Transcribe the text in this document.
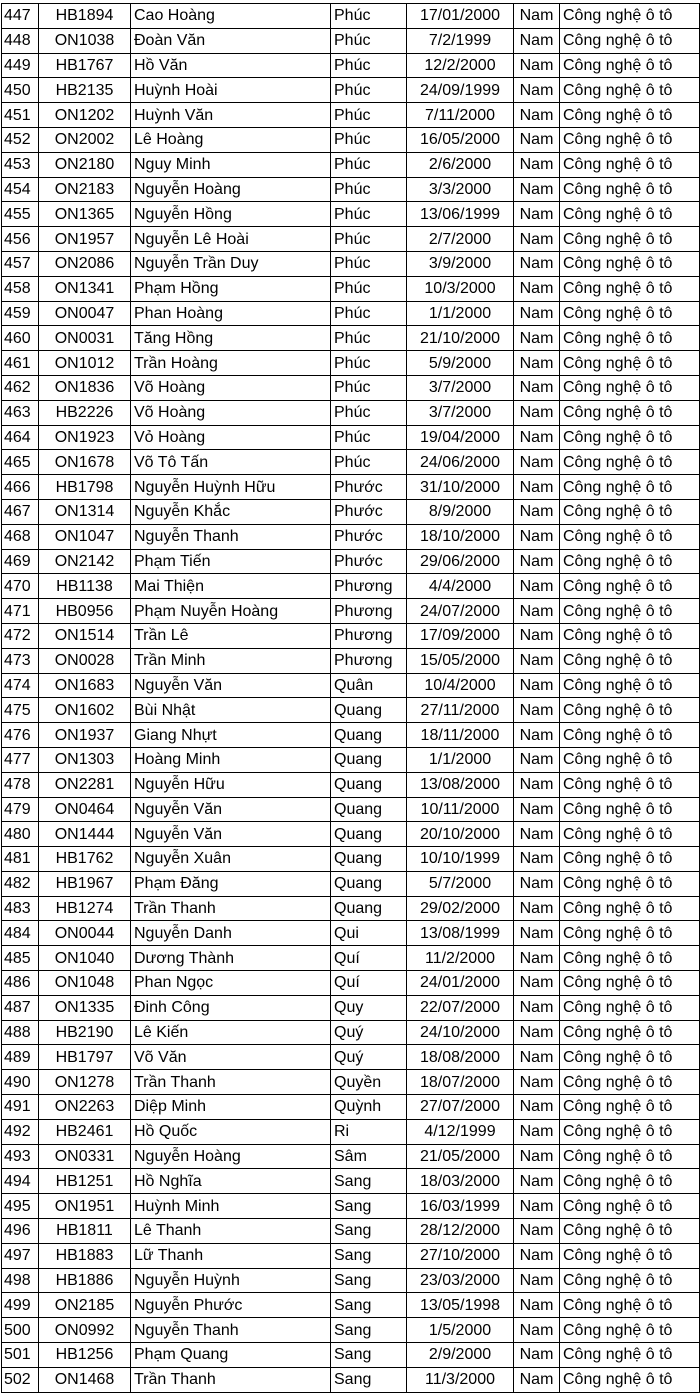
447	HB1894	Cao Hoàng	Phúc	17/01/2000	Nam	Công nghệ ô tô
448	ON1038	Đoàn Văn	Phúc	7/2/1999	Nam	Công nghệ ô tô
449	HB1767	Hồ Văn	Phúc	12/2/2000	Nam	Công nghệ ô tô
450	HB2135	Huỳnh Hoài	Phúc	24/09/1999	Nam	Công nghệ ô tô
451	ON1202	Huỳnh Văn	Phúc	7/11/2000	Nam	Công nghệ ô tô
452	ON2002	Lê Hoàng	Phúc	16/05/2000	Nam	Công nghệ ô tô
453	ON2180	Nguy Minh	Phúc	2/6/2000	Nam	Công nghệ ô tô
454	ON2183	Nguyễn Hoàng	Phúc	3/3/2000	Nam	Công nghệ ô tô
455	ON1365	Nguyễn Hồng	Phúc	13/06/1999	Nam	Công nghệ ô tô
456	ON1957	Nguyễn Lê Hoài	Phúc	2/7/2000	Nam	Công nghệ ô tô
457	ON2086	Nguyễn Trần Duy	Phúc	3/9/2000	Nam	Công nghệ ô tô
458	ON1341	Phạm Hồng	Phúc	10/3/2000	Nam	Công nghệ ô tô
459	ON0047	Phan Hoàng	Phúc	1/1/2000	Nam	Công nghệ ô tô
460	ON0031	Tăng Hồng	Phúc	21/10/2000	Nam	Công nghệ ô tô
461	ON1012	Trần Hoàng	Phúc	5/9/2000	Nam	Công nghệ ô tô
462	ON1836	Võ Hoàng	Phúc	3/7/2000	Nam	Công nghệ ô tô
463	HB2226	Võ Hoàng	Phúc	3/7/2000	Nam	Công nghệ ô tô
464	ON1923	Vỏ Hoàng	Phúc	19/04/2000	Nam	Công nghệ ô tô
465	ON1678	Võ Tô Tấn	Phúc	24/06/2000	Nam	Công nghệ ô tô
466	HB1798	Nguyễn Huỳnh Hữu	Phước	31/10/2000	Nam	Công nghệ ô tô
467	ON1314	Nguyễn Khắc	Phước	8/9/2000	Nam	Công nghệ ô tô
468	ON1047	Nguyễn Thanh	Phước	18/10/2000	Nam	Công nghệ ô tô
469	ON2142	Phạm Tiến	Phước	29/06/2000	Nam	Công nghệ ô tô
470	HB1138	Mai Thiện	Phương	4/4/2000	Nam	Công nghệ ô tô
471	HB0956	Phạm Nuyễn Hoàng	Phương	24/07/2000	Nam	Công nghệ ô tô
472	ON1514	Trần Lê	Phương	17/09/2000	Nam	Công nghệ ô tô
473	ON0028	Trần Minh	Phương	15/05/2000	Nam	Công nghệ ô tô
474	ON1683	Nguyễn Văn	Quân	10/4/2000	Nam	Công nghệ ô tô
475	ON1602	Bùi Nhật	Quang	27/11/2000	Nam	Công nghệ ô tô
476	ON1937	Giang Nhựt	Quang	18/11/2000	Nam	Công nghệ ô tô
477	ON1303	Hoàng Minh	Quang	1/1/2000	Nam	Công nghệ ô tô
478	ON2281	Nguyễn Hữu	Quang	13/08/2000	Nam	Công nghệ ô tô
479	ON0464	Nguyễn Văn	Quang	10/11/2000	Nam	Công nghệ ô tô
480	ON1444	Nguyễn Văn	Quang	20/10/2000	Nam	Công nghệ ô tô
481	HB1762	Nguyễn Xuân	Quang	10/10/1999	Nam	Công nghệ ô tô
482	HB1967	Phạm Đăng	Quang	5/7/2000	Nam	Công nghệ ô tô
483	HB1274	Trần Thanh	Quang	29/02/2000	Nam	Công nghệ ô tô
484	ON0044	Nguyễn Danh	Qui	13/08/1999	Nam	Công nghệ ô tô
485	ON1040	Dương Thành	Quí	11/2/2000	Nam	Công nghệ ô tô
486	ON1048	Phan Ngọc	Quí	24/01/2000	Nam	Công nghệ ô tô
487	ON1335	Đinh Công	Quy	22/07/2000	Nam	Công nghệ ô tô
488	HB2190	Lê Kiến	Quý	24/10/2000	Nam	Công nghệ ô tô
489	HB1797	Võ Văn	Quý	18/08/2000	Nam	Công nghệ ô tô
490	ON1278	Trần Thanh	Quyền	18/07/2000	Nam	Công nghệ ô tô
491	ON2263	Diệp Minh	Quỳnh	27/07/2000	Nam	Công nghệ ô tô
492	HB2461	Hồ Quốc	Ri	4/12/1999	Nam	Công nghệ ô tô
493	ON0331	Nguyễn Hoàng	Sâm	21/05/2000	Nam	Công nghệ ô tô
494	HB1251	Hồ Nghĩa	Sang	18/03/2000	Nam	Công nghệ ô tô
495	ON1951	Huỳnh Minh	Sang	16/03/1999	Nam	Công nghệ ô tô
496	HB1811	Lê Thanh	Sang	28/12/2000	Nam	Công nghệ ô tô
497	HB1883	Lữ Thanh	Sang	27/10/2000	Nam	Công nghệ ô tô
498	HB1886	Nguyễn Huỳnh	Sang	23/03/2000	Nam	Công nghệ ô tô
499	ON2185	Nguyễn Phước	Sang	13/05/1998	Nam	Công nghệ ô tô
500	ON0992	Nguyễn Thanh	Sang	1/5/2000	Nam	Công nghệ ô tô
501	HB1256	Phạm Quang	Sang	2/9/2000	Nam	Công nghệ ô tô
502	ON1468	Trần Thanh	Sang	11/3/2000	Nam	Công nghệ ô tô
